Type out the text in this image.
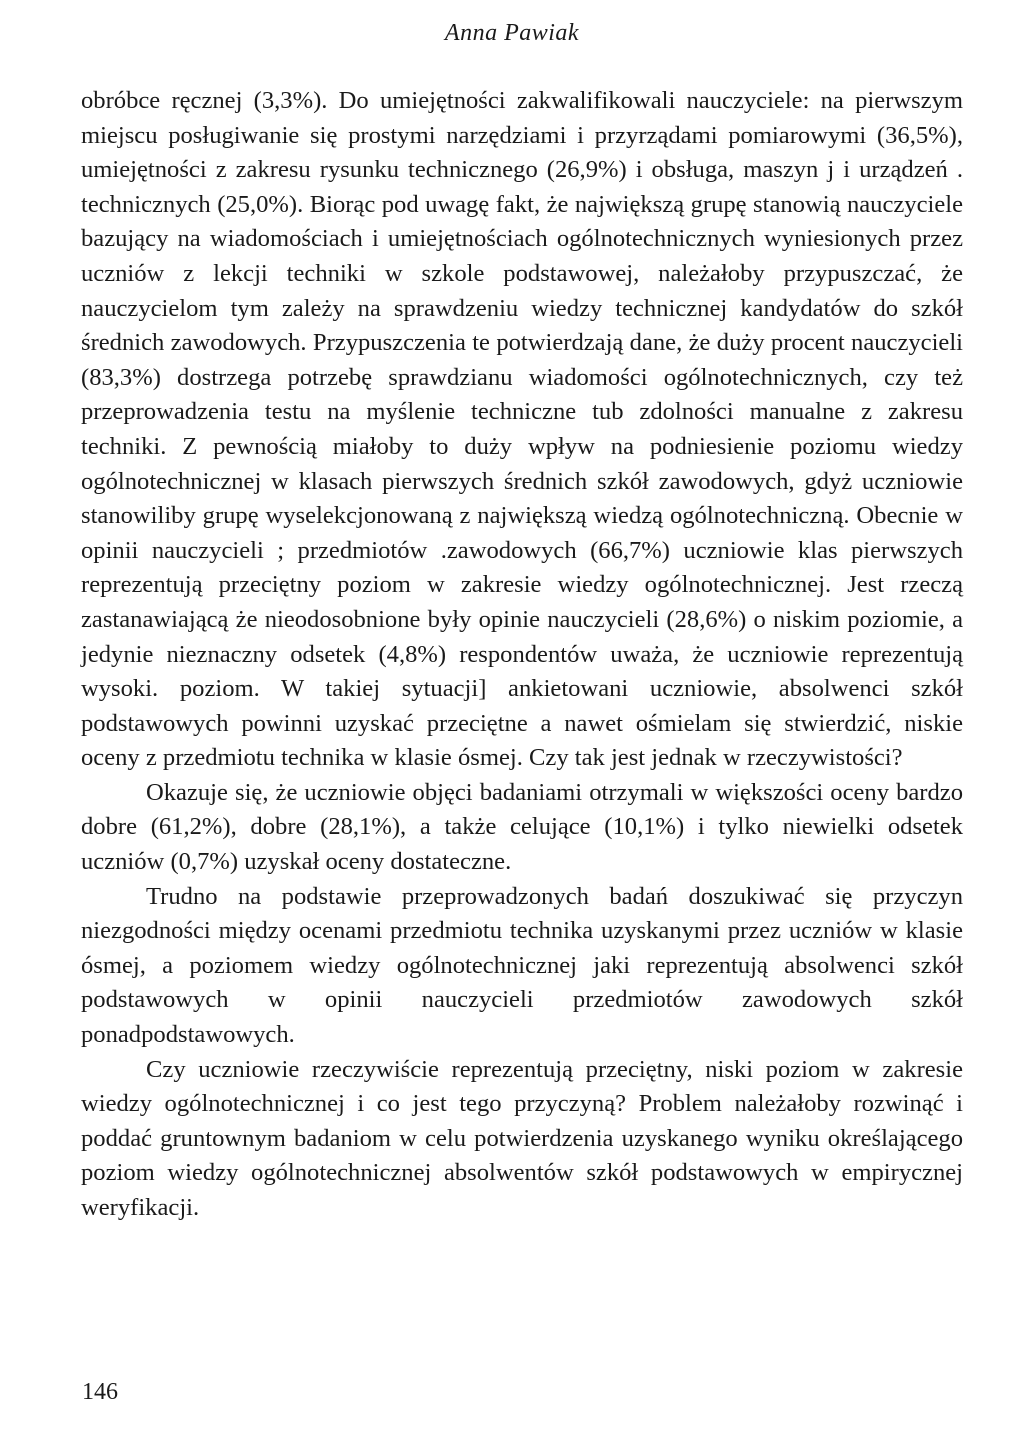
Anna Pawiak

obróbce ręcznej (3,3%). Do umiejętności zakwalifikowali nauczyciele: na pierwszym miejscu posługiwanie się prostymi narzędziami i przyrządami pomiarowymi (36,5%), umiejętności z zakresu rysunku technicznego (26,9%) i obsługa, maszyn j i urządzeń . technicznych (25,0%). Biorąc pod uwagę fakt, że największą grupę stanowią nauczyciele bazujący na wiadomościach i umiejętnościach ogólnotechnicznych wyniesionych przez uczniów z lekcji techniki w szkole podstawowej, należałoby przypuszczać, że nauczycielom tym zależy na sprawdzeniu wiedzy technicznej kandydatów do szkół średnich zawodowych. Przypuszczenia te potwierdzają dane, że duży procent nauczycieli (83,3%) dostrzega potrzebę sprawdzianu wiadomości ogólnotechnicznych, czy też przeprowadzenia testu na myślenie techniczne tub zdolności manualne z zakresu techniki. Z pewnością miałoby to duży wpływ na podniesienie poziomu wiedzy ogólnotechnicznej w klasach pierwszych średnich szkół zawodowych, gdyż uczniowie stanowiliby grupę wyselekcjonowaną z największą wiedzą ogólnotechniczną. Obecnie w opinii nauczycieli ; przedmiotów .zawodowych (66,7%) uczniowie klas pierwszych reprezentują przeciętny poziom w zakresie wiedzy ogólnotechnicznej. Jest rzeczą zastanawiającą że nieodosobnione były opinie nauczycieli (28,6%) o niskim poziomie, a jedynie nieznaczny odsetek (4,8%) respondentów uważa, że uczniowie reprezentują wysoki. poziom. W takiej sytuacji] ankietowani uczniowie, absolwenci szkół podstawowych powinni uzyskać przeciętne a nawet ośmielam się stwierdzić, niskie oceny z przedmiotu technika w klasie ósmej. Czy tak jest jednak w rzeczywistości?

Okazuje się, że uczniowie objęci badaniami otrzymali w większości oceny bardzo dobre (61,2%), dobre (28,1%), a także celujące (10,1%) i tylko niewielki odsetek uczniów (0,7%) uzyskał oceny dostateczne.

Trudno na podstawie przeprowadzonych badań doszukiwać się przyczyn niezgodności między ocenami przedmiotu technika uzyskanymi przez uczniów w klasie ósmej, a poziomem wiedzy ogólnotechnicznej jaki reprezentują absolwenci szkół podstawowych w opinii nauczycieli przedmiotów zawodowych szkół ponadpodstawowych.

Czy uczniowie rzeczywiście reprezentują przeciętny, niski poziom w zakresie wiedzy ogólnotechnicznej i co jest tego przyczyną? Problem należałoby rozwinąć i poddać gruntownym badaniom w celu potwierdzenia uzyskanego wyniku określającego poziom wiedzy ogólnotechnicznej absolwentów szkół podstawowych w empirycznej weryfikacji.

146
